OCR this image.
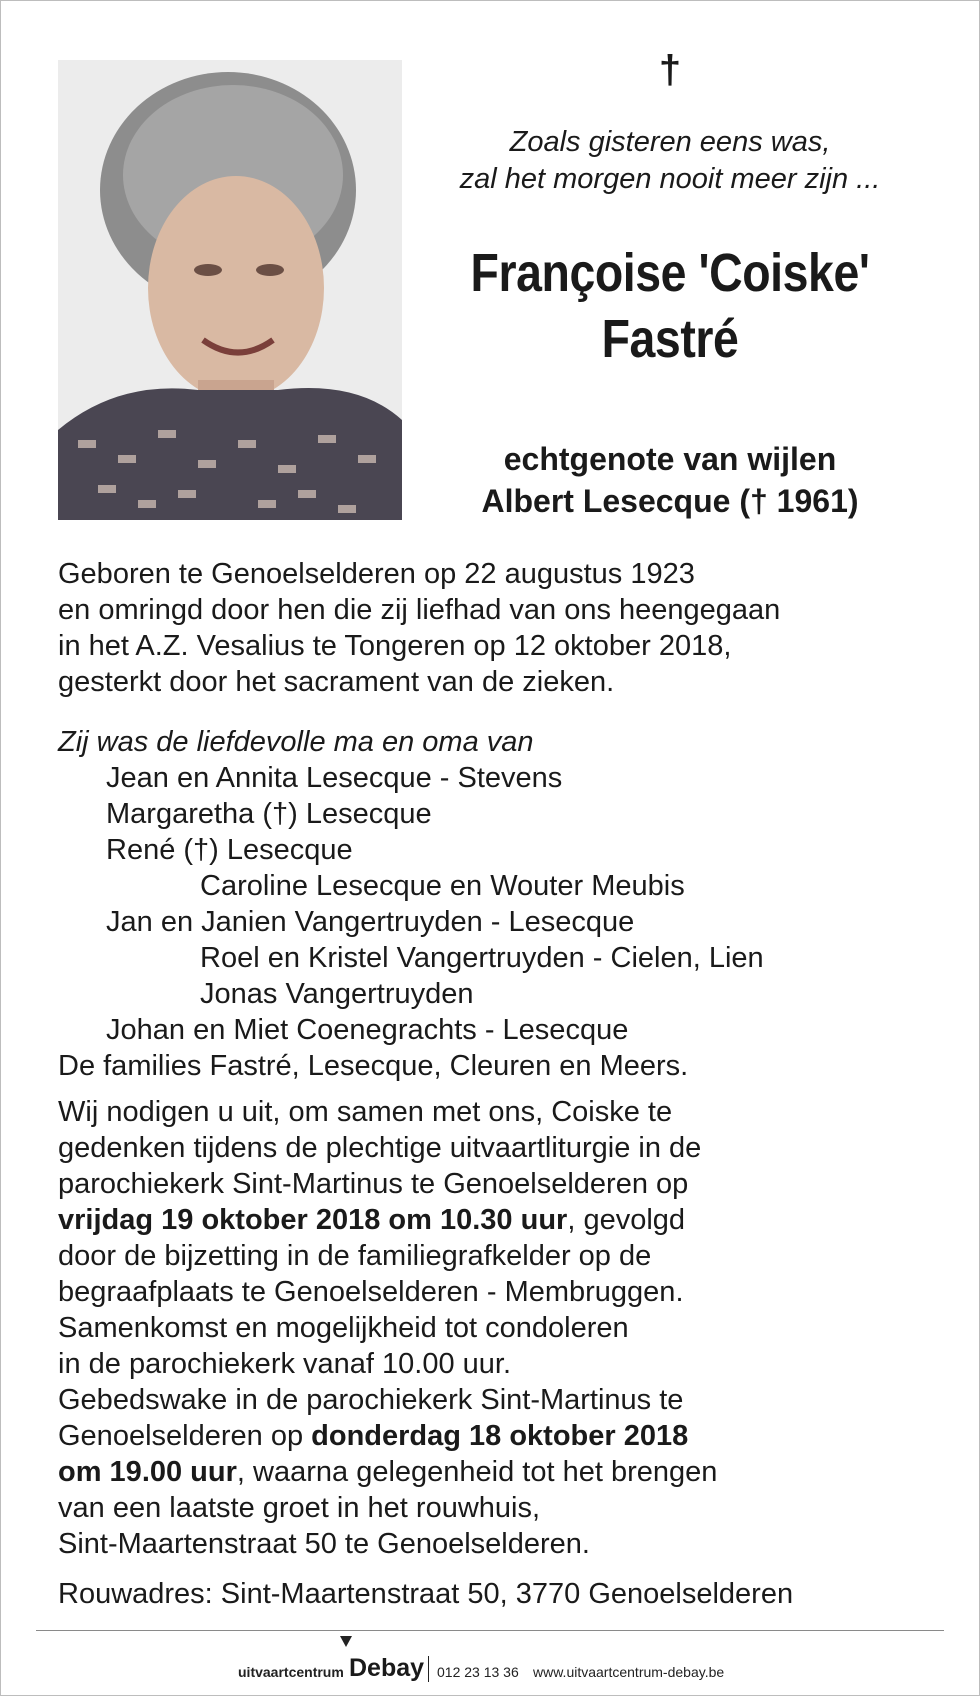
†
Zoals gisteren eens was,
zal het morgen nooit meer zijn ...
Françoise 'Coiske'
Fastré
echtgenote van wijlen
Albert Lesecque († 1961)
Geboren te Genoelselderen op 22 augustus 1923
en omringd door hen die zij liefhad van ons heengegaan
in het A.Z. Vesalius te Tongeren op 12 oktober 2018,
gesterkt door het sacrament van de zieken.
Zij was de liefdevolle ma en oma van
Jean en Annita Lesecque - Stevens
Margaretha (†) Lesecque
René (†) Lesecque
Caroline Lesecque en Wouter Meubis
Jan en Janien Vangertruyden - Lesecque
Roel en Kristel Vangertruyden - Cielen, Lien
Jonas Vangertruyden
Johan en Miet Coenegrachts - Lesecque
De families Fastré, Lesecque, Cleuren en Meers.
Wij nodigen u uit, om samen met ons, Coiske te
gedenken tijdens de plechtige uitvaartliturgie in de
parochiekerk Sint-Martinus te Genoelselderen op
vrijdag 19 oktober 2018 om 10.30 uur, gevolgd
door de bijzetting in de familiegrafkelder op de
begraafplaats te Genoelselderen - Membruggen.
Samenkomst en mogelijkheid tot condoleren
in de parochiekerk vanaf 10.00 uur.
Gebedswake in de parochiekerk Sint-Martinus te
Genoelselderen op donderdag 18 oktober 2018
om 19.00 uur, waarna gelegenheid tot het brengen
van een laatste groet in het rouwhuis,
Sint-Maartenstraat 50 te Genoelselderen.
Rouwadres: Sint-Maartenstraat 50, 3770 Genoelselderen
uitvaartcentrum Debay 012 23 13 36 www.uitvaartcentrum-debay.be
